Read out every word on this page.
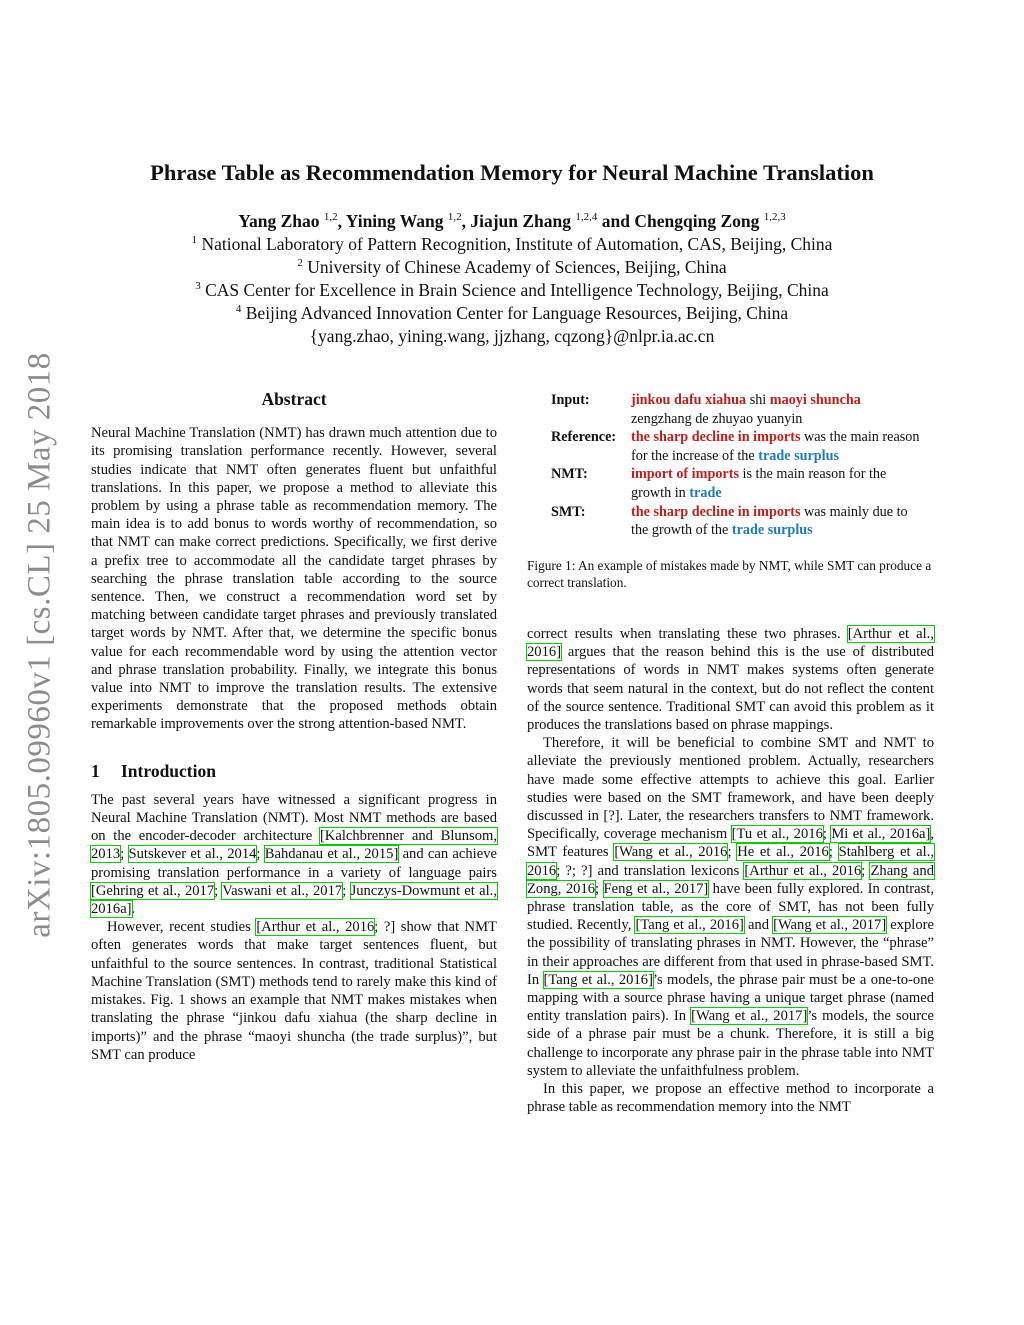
arXiv:1805.09960v1 [cs.CL] 25 May 2018
Phrase Table as Recommendation Memory for Neural Machine Translation
Yang Zhao $^{1,2}$, Yining Wang $^{1,2}$, Jiajun Zhang $^{1,2,4}$ and Chengqing Zong $^{1,2,3}$
$^1$ National Laboratory of Pattern Recognition, Institute of Automation, CAS, Beijing, China
$^2$ University of Chinese Academy of Sciences, Beijing, China
$^3$ CAS Center for Excellence in Brain Science and Intelligence Technology, Beijing, China
$^4$ Beijing Advanced Innovation Center for Language Resources, Beijing, China
{yang.zhao, yining.wang, jjzhang, cqzong}@nlpr.ia.ac.cn
Abstract

Neural Machine Translation (NMT) has drawn much attention due to its promising translation performance recently. However, several studies indicate that NMT often generates fluent but unfaithful translations. In this paper, we propose a method to alleviate this problem by using a phrase table as recommendation memory. The main idea is to add bonus to words worthy of recommendation, so that NMT can make correct predictions. Specifically, we first derive a prefix tree to accommodate all the candidate target phrases by searching the phrase translation table according to the source sentence. Then, we construct a recommendation word set by matching between candidate target phrases and previously translated target words by NMT. After that, we determine the specific bonus value for each recommendable word by using the attention vector and phrase translation probability. Finally, we integrate this bonus value into NMT to improve the translation results. The extensive experiments demonstrate that the proposed methods obtain remarkable improvements over the strong attention-based NMT.

1 Introduction

The past several years have witnessed a significant progress in Neural Machine Translation (NMT). Most NMT methods are based on the encoder-decoder architecture [Kalchbrenner and Blunsom, 2013; Sutskever et al., 2014; Bahdanau et al., 2015] and can achieve promising translation performance in a variety of language pairs [Gehring et al., 2017; Vaswani et al., 2017; Junczys-Dowmunt et al., 2016a].

However, recent studies [Arthur et al., 2016; ?] show that NMT often generates words that make target sentences fluent, but unfaithful to the source sentences. In contrast, traditional Statistical Machine Translation (SMT) methods tend to rarely make this kind of mistakes. Fig. 1 shows an example that NMT makes mistakes when translating the phrase “jinkou dafu xiahua (the sharp decline in imports)” and the phrase “maoyi shuncha (the trade surplus)”, but SMT can produce

Input:	jinkou dafu xiahua shi maoyi shuncha
zengzhang de zhuyao yuanyin
Reference: the sharp decline in imports was the main reason for the increase of the trade surplus
NMT:	import of imports is the main reason for the growth in trade
SMT:	the sharp decline in imports was mainly due to the growth of the trade surplus
Figure 1: An example of mistakes made by NMT, while SMT can produce a correct translation.

correct results when translating these two phrases. [Arthur et al., 2016] argues that the reason behind this is the use of distributed representations of words in NMT makes systems often generate words that seem natural in the context, but do not reflect the content of the source sentence. Traditional SMT can avoid this problem as it produces the translations based on phrase mappings.

Therefore, it will be beneficial to combine SMT and NMT to alleviate the previously mentioned problem. Actually, researchers have made some effective attempts to achieve this goal. Earlier studies were based on the SMT framework, and have been deeply discussed in [?]. Later, the researchers transfers to NMT framework. Specifically, coverage mechanism [Tu et al., 2016; Mi et al., 2016a], SMT features [Wang et al., 2016; He et al., 2016; Stahlberg et al., 2016; ?; ?] and translation lexicons [Arthur et al., 2016; Zhang and Zong, 2016; Feng et al., 2017] have been fully explored. In contrast, phrase translation table, as the core of SMT, has not been fully studied. Recently, [Tang et al., 2016] and [Wang et al., 2017] explore the possibility of translating phrases in NMT. However, the “phrase” in their approaches are different from that used in phrase-based SMT. In [Tang et al., 2016]’s models, the phrase pair must be a one-to-one mapping with a source phrase having a unique target phrase (named entity translation pairs). In [Wang et al., 2017]’s models, the source side of a phrase pair must be a chunk. Therefore, it is still a big challenge to incorporate any phrase pair in the phrase table into NMT system to alleviate the unfaithfulness problem.

In this paper, we propose an effective method to incorporate a phrase table as recommendation memory into the NMT
